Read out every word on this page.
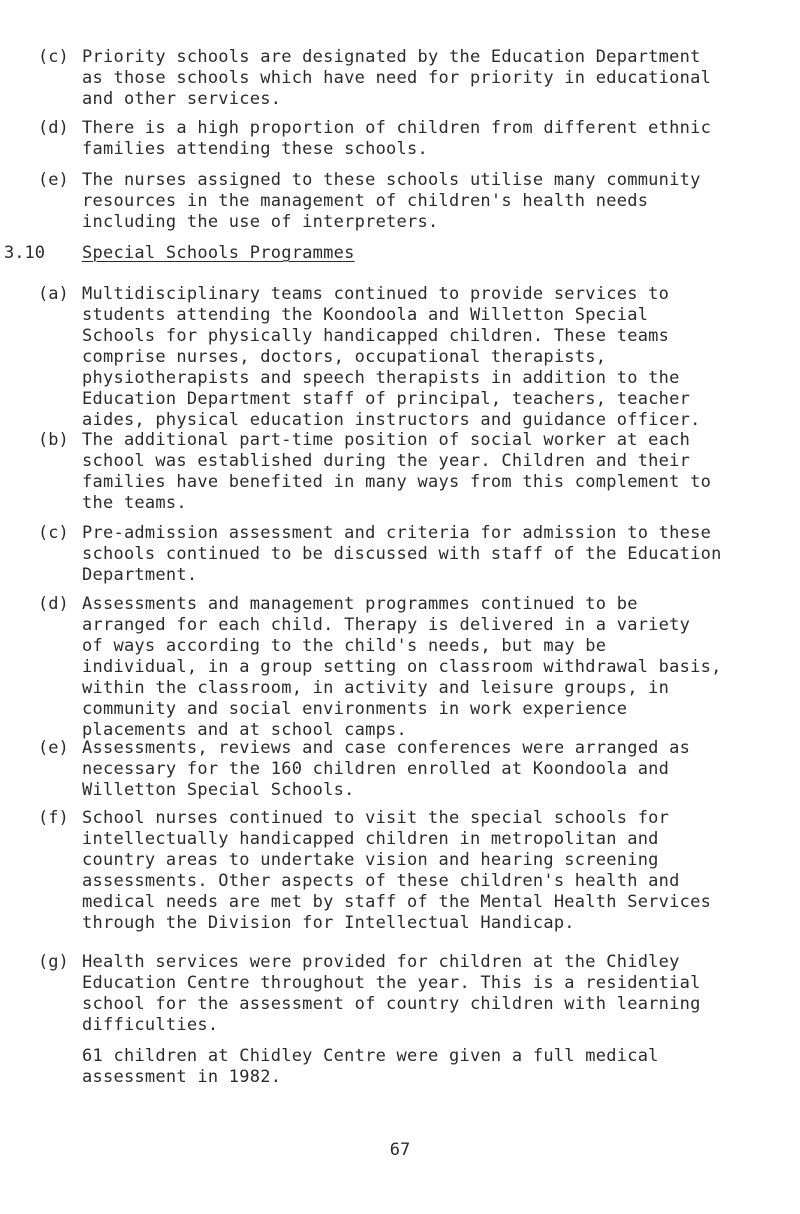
(c) Priority schools are designated by the Education Department
as those schools which have need for priority in educational
and other services.
(d) There is a high proportion of children from different ethnic
families attending these schools.
(e) The nurses assigned to these schools utilise many community
resources in the management of children's health needs
including the use of interpreters.
3.10 Special Schools Programmes
(a) Multidisciplinary teams continued to provide services to
students attending the Koondoola and Willetton Special
Schools for physically handicapped children. These teams
comprise nurses, doctors, occupational therapists,
physiotherapists and speech therapists in addition to the
Education Department staff of principal, teachers, teacher
aides, physical education instructors and guidance officer.
(b) The additional part-time position of social worker at each
school was established during the year. Children and their
families have benefited in many ways from this complement to
the teams.
(c) Pre-admission assessment and criteria for admission to these
schools continued to be discussed with staff of the Education
Department.
(d) Assessments and management programmes continued to be
arranged for each child. Therapy is delivered in a variety
of ways according to the child's needs, but may be
individual, in a group setting on classroom withdrawal basis,
within the classroom, in activity and leisure groups, in
community and social environments in work experience
placements and at school camps.
(e) Assessments, reviews and case conferences were arranged as
necessary for the 160 children enrolled at Koondoola and
Willetton Special Schools.
(f) School nurses continued to visit the special schools for
intellectually handicapped children in metropolitan and
country areas to undertake vision and hearing screening
assessments. Other aspects of these children's health and
medical needs are met by staff of the Mental Health Services
through the Division for Intellectual Handicap.
(g) Health services were provided for children at the Chidley
Education Centre throughout the year. This is a residential
school for the assessment of country children with learning
difficulties.
61 children at Chidley Centre were given a full medical
assessment in 1982.
67
